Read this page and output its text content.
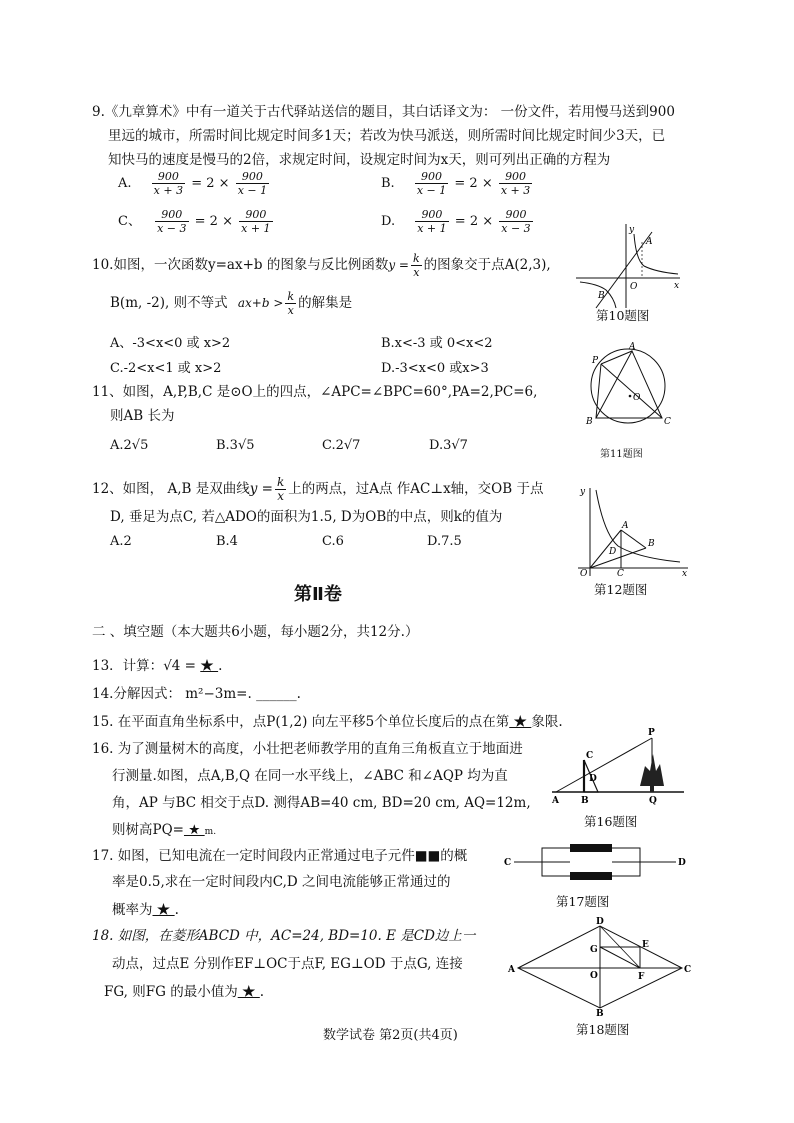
9.《九章算术》中有一道关于古代驿站送信的题目，其白话译文为： 一份文件，若用慢马送到900
里远的城市，所需时间比规定时间多1天；若改为快马派送，则所需时间比规定时间少3天，已
知快马的速度是慢马的2倍，求规定时间，设规定时间为x天，则可列出正确的方程为
A. $\frac{900}{x + 3} = 2 \times \frac{900}{x - 1}$	B. $\frac{900}{x - 1} = 2 \times \frac{900}{x + 3}$
C、 $\frac{900}{x - 3} = 2 \times \frac{900}{x + 1}$	D. $\frac{900}{x + 1} = 2 \times \frac{900}{x - 3}$
10.如图，一次函数y=ax+b 的图象与反比例函数$y = \frac{k}{x}$ 的图象交于点A(2,3),
B(m, -2), 则不等式 $ax+b > \frac{k}{x}$ 的解集是
A、-3<x<0 或 x>2	B.x<-3 或 0<x<2
C.-2<x<1 或 x>2	D.-3<x<0 或x>3
y
x
O
A
B
第10题图
11、如图，A,P,B,C 是⊙O上的四点，∠APC=∠BPC=60°,PA=2,PC=6,
则AB 长为
A.2√5	B.3√5	C.2√7	D.3√7
O
A
P
B	C
第11题图
12、如图， A,B 是双曲线$y = \frac{k}{x}$ 上的两点，过A点 作AC⊥x轴，交OB 于点
D, 垂足为点C, 若△ADO的面积为1.5, D为OB的中点，则k的值为
A.2	B.4	C.6	D.7.5
y
x
O
A
B
D
C
第12题图
第Ⅱ卷
二 、填空题（本大题共6小题，每小题2分，共12分.）
13．计算：√4 = ★ .
14.分解因式： m²−3m=. ______.
15. 在平面直角坐标系中，点P(1,2) 向左平移5个单位长度后的点在第 ★ 象限.
16. 为了测量树木的高度，小壮把老师教学用的直角三角板直立于地面进
行测量.如图，点A,B,Q 在同一水平线上，∠ABC 和∠AQP 均为直
角，AP 与BC 相交于点D. 测得AB=40 cm, BD=20 cm, AQ=12m,
则树高PQ= ★ m.
C
D
A B	Q
P
第16题图
17. 如图，已知电流在一定时间段内正常通过电子元件■■的概
率是0.5,求在一定时间段内C,D 之间电流能够正常通过的
概率为 ★ .
C	D
第17题图
18. 如图，在菱形ABCD 中，AC=24, BD=10. E 是CD边上一
动点，过点E 分别作EF⊥OC于点F, EG⊥OD 于点G, 连接
FG, 则FG 的最小值为 ★ .
D
A	C
B
O
G	E
F
第18题图
数学试卷 第2页(共4页)
